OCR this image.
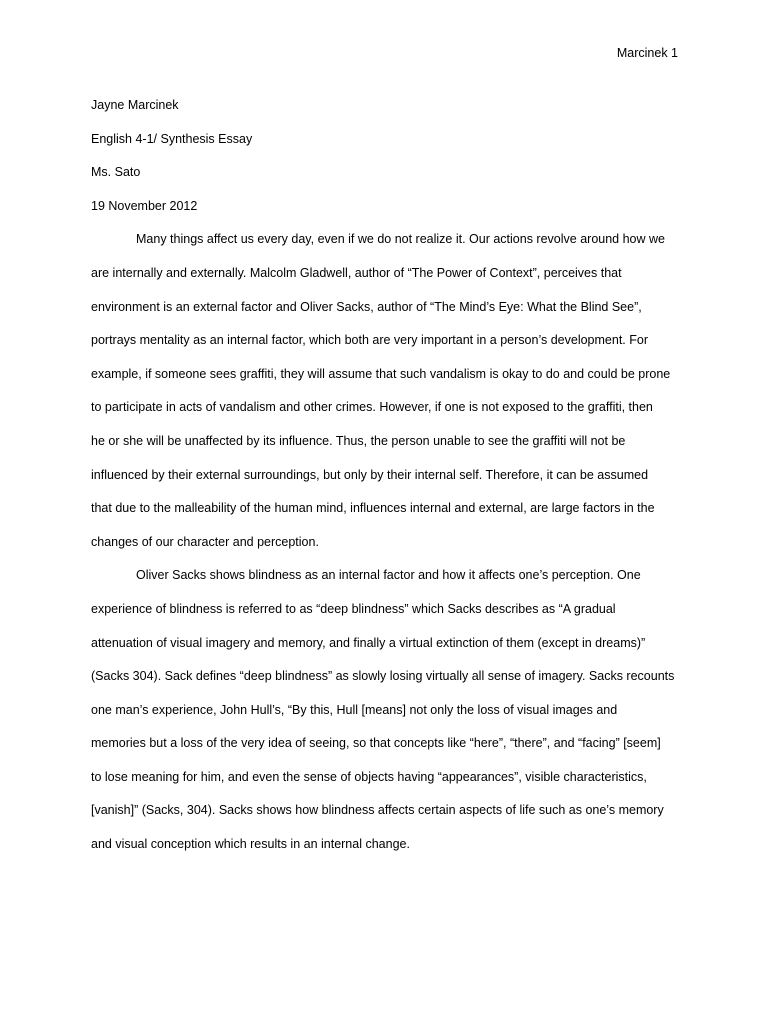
Marcinek 1
Jayne Marcinek
English 4-1/ Synthesis Essay
Ms. Sato
19 November 2012
Many things affect us every day, even if we do not realize it. Our actions revolve around how we
are internally and externally. Malcolm Gladwell, author of “The Power of Context”, perceives that
environment is an external factor and Oliver Sacks, author of “The Mind’s Eye: What the Blind See”,
portrays mentality as an internal factor, which both are very important in a person’s development. For
example, if someone sees graffiti, they will assume that such vandalism is okay to do and could be prone
to participate in acts of vandalism and other crimes. However, if one is not exposed to the graffiti, then
he or she will be unaffected by its influence. Thus, the person unable to see the graffiti will not be
influenced by their external surroundings, but only by their internal self. Therefore, it can be assumed
that due to the malleability of the human mind, influences internal and external, are large factors in the
changes of our character and perception.
Oliver Sacks shows blindness as an internal factor and how it affects one’s perception. One
experience of blindness is referred to as “deep blindness” which Sacks describes as “A gradual
attenuation of visual imagery and memory, and finally a virtual extinction of them (except in dreams)”
(Sacks 304). Sack defines “deep blindness” as slowly losing virtually all sense of imagery. Sacks recounts
one man’s experience, John Hull’s, “By this, Hull [means] not only the loss of visual images and
memories but a loss of the very idea of seeing, so that concepts like “here”, “there”, and “facing” [seem]
to lose meaning for him, and even the sense of objects having “appearances”, visible characteristics,
[vanish]” (Sacks, 304). Sacks shows how blindness affects certain aspects of life such as one’s memory
and visual conception which results in an internal change.
